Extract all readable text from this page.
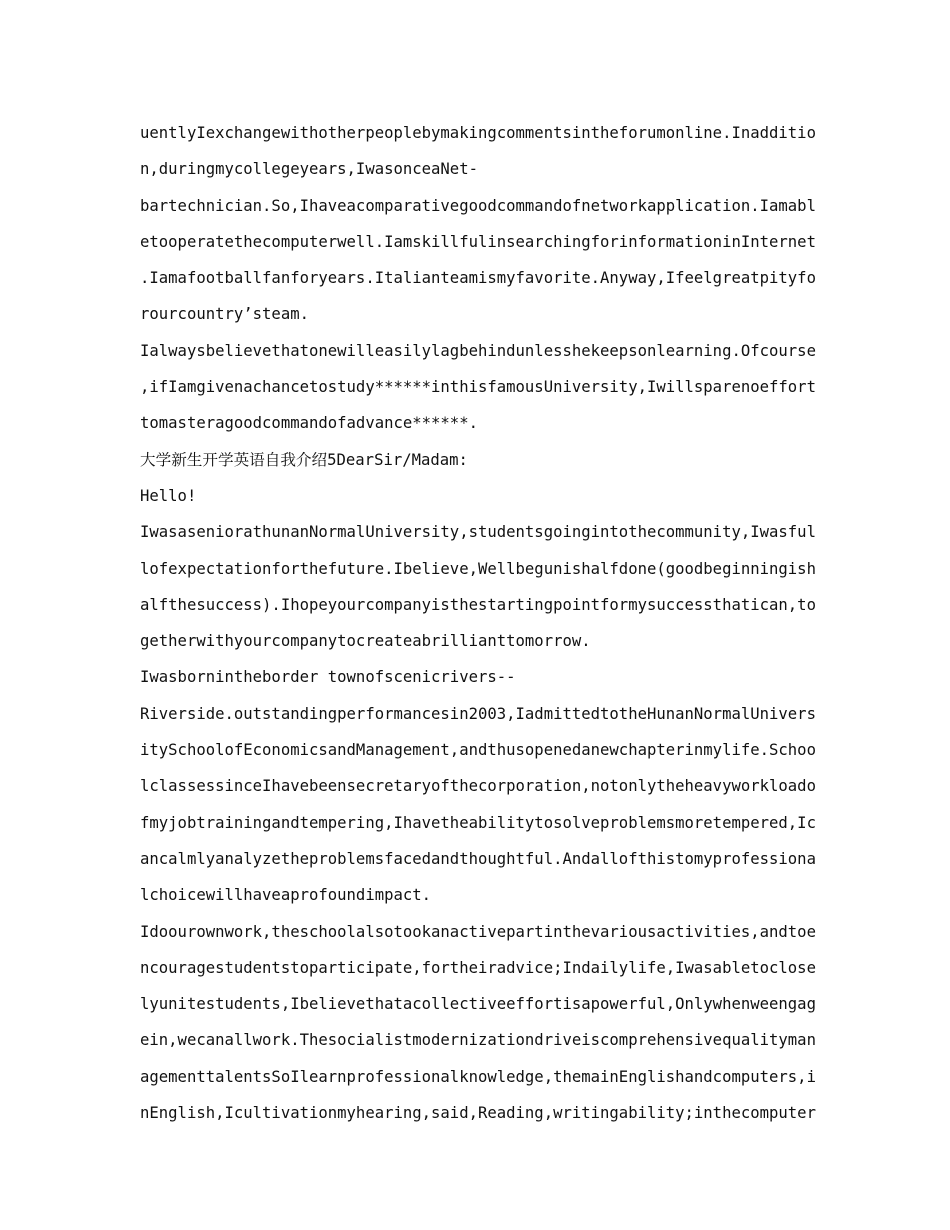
uentlyIexchangewithotherpeoplebymakingcommentsintheforumonline.Inadditio
n,duringmycollegeyears,IwasonceaNet-
bartechnician.So,Ihaveacomparativegoodcommandofnetworkapplication.Iamabl
etooperatethecomputerwell.IamskillfulinsearchingforinformationinInternet
.Iamafootballfanforyears.Italianteamismyfavorite.Anyway,Ifeelgreatpityfo
rourcountry’steam.
Ialwaysbelievethatonewilleasilylagbehindunlesshekeepsonlearning.Ofcourse
,ifIamgivenachancetostudy******inthisfamousUniversity,Iwillsparenoeffort
tomasteragoodcommandofadvance******.
大学新生开学英语自我介绍5DearSir/Madam:
Hello!
IwasaseniorathunanNormalUniversity,studentsgoingintothecommunity,Iwasful
lofexpectationforthefuture.Ibelieve,Wellbegunishalfdone(goodbeginningish
alfthesuccess).Ihopeyourcompanyisthestartingpointformysuccessthatican,to
getherwithyourcompanytocreateabrillianttomorrow.
Iwasbornintheborder townofscenicrivers--
Riverside.outstandingperformancesin2003,IadmittedtotheHunanNormalUnivers
itySchoolofEconomicsandManagement,andthusopenedanewchapterinmylife.Schoo
lclassessinceIhavebeensecretaryofthecorporation,notonlytheheavyworkloado
fmyjobtrainingandtempering,Ihavetheabilitytosolveproblemsmoretempered,Ic
ancalmlyanalyzetheproblemsfacedandthoughtful.Andallofthistomyprofessiona
lchoicewillhaveaprofoundimpact.
Idoourownwork,theschoolalsotookanactivepartinthevariousactivities,andtoe
ncouragestudentstoparticipate,fortheiradvice;Indailylife,Iwasabletoclose
lyunitestudents,Ibelievethatacollectiveeffortisapowerful,Onlywhenweengag
ein,wecanallwork.Thesocialistmodernizationdriveiscomprehensivequalityman
agementtalentsSoIlearnprofessionalknowledge,themainEnglishandcomputers,i
nEnglish,Icultivationmyhearing,said,Reading,writingability;inthecomputer
